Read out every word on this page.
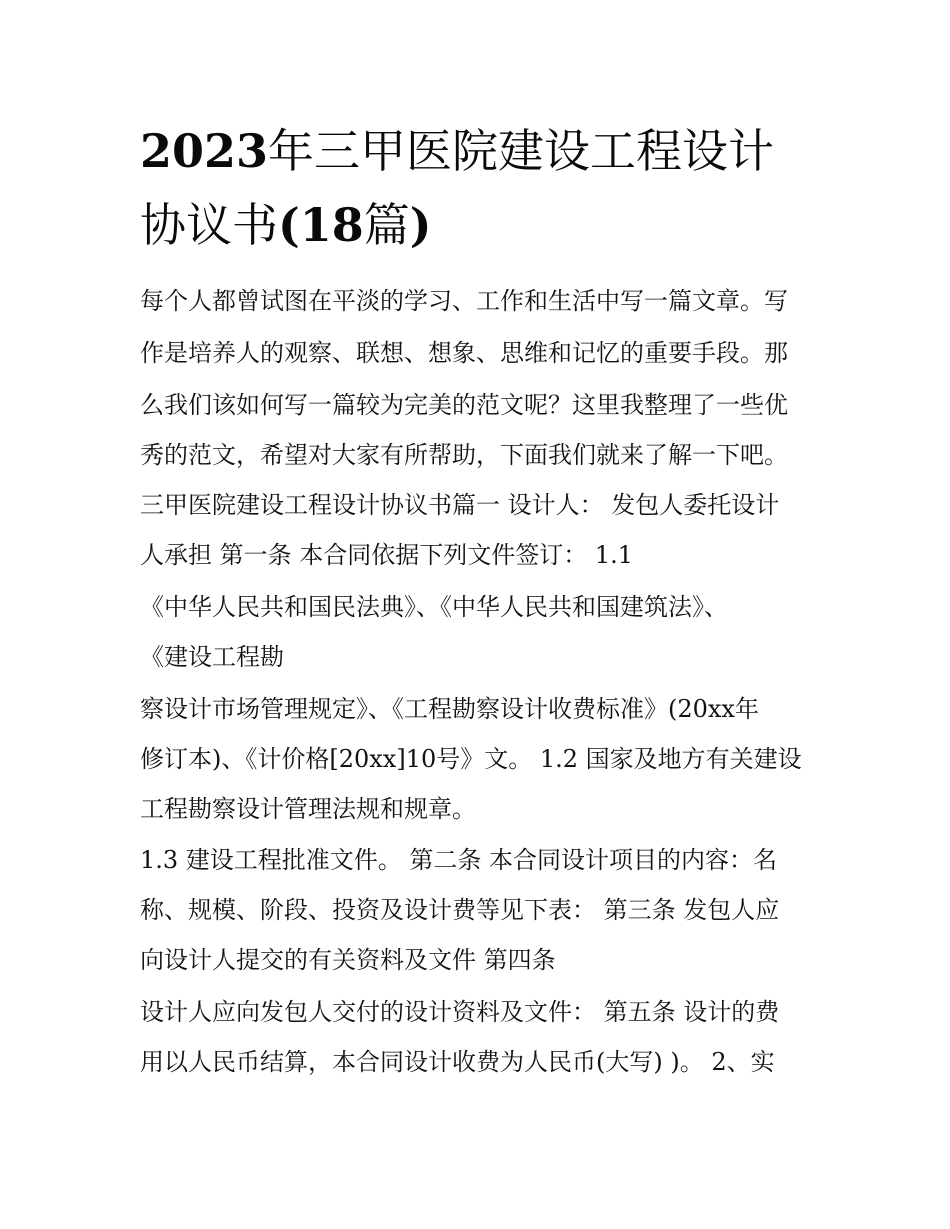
2023年三甲医院建设工程设计
协议书(18篇)
每个人都曾试图在平淡的学习、工作和生活中写一篇文章。写
作是培养人的观察、联想、想象、思维和记忆的重要手段。那
么我们该如何写一篇较为完美的范文呢？这里我整理了一些优
秀的范文，希望对大家有所帮助，下面我们就来了解一下吧。
三甲医院建设工程设计协议书篇一 设计人： 发包人委托设计
人承担 第一条 本合同依据下列文件签订： 1.1
《中华人民共和国民法典》、《中华人民共和国建筑法》、
《建设工程勘
察设计市场管理规定》、《工程勘察设计收费标准》(20xx年
修订本)、《计价格[20xx]10号》文。 1.2 国家及地方有关建设
工程勘察设计管理法规和规章。
1.3 建设工程批准文件。 第二条 本合同设计项目的内容：名
称、规模、阶段、投资及设计费等见下表： 第三条 发包人应
向设计人提交的有关资料及文件 第四条
设计人应向发包人交付的设计资料及文件： 第五条 设计的费
用以人民币结算，本合同设计收费为人民币(大写) )。 2、实
